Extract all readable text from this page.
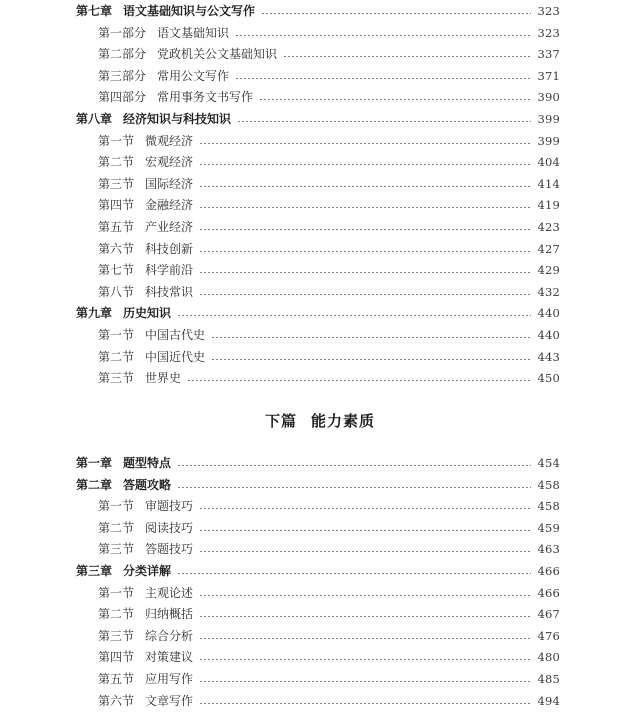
第七章 语文基础知识与公文写作	323
第一部分 语文基础知识	323
第二部分 党政机关公文基础知识	337
第三部分 常用公文写作	371
第四部分 常用事务文书写作	390
第八章 经济知识与科技知识	399
第一节 微观经济	399
第二节 宏观经济	404
第三节 国际经济	414
第四节 金融经济	419
第五节 产业经济	423
第六节 科技创新	427
第七节 科学前沿	429
第八节 科技常识	432
第九章 历史知识	440
第一节 中国古代史	440
第二节 中国近代史	443
第三节 世界史	450
下篇 能力素质
第一章 题型特点	454
第二章 答题攻略	458
第一节 审题技巧	458
第二节 阅读技巧	459
第三节 答题技巧	463
第三章 分类详解	466
第一节 主观论述	466
第二节 归纳概括	467
第三节 综合分析	476
第四节 对策建议	480
第五节 应用写作	485
第六节 文章写作	494
